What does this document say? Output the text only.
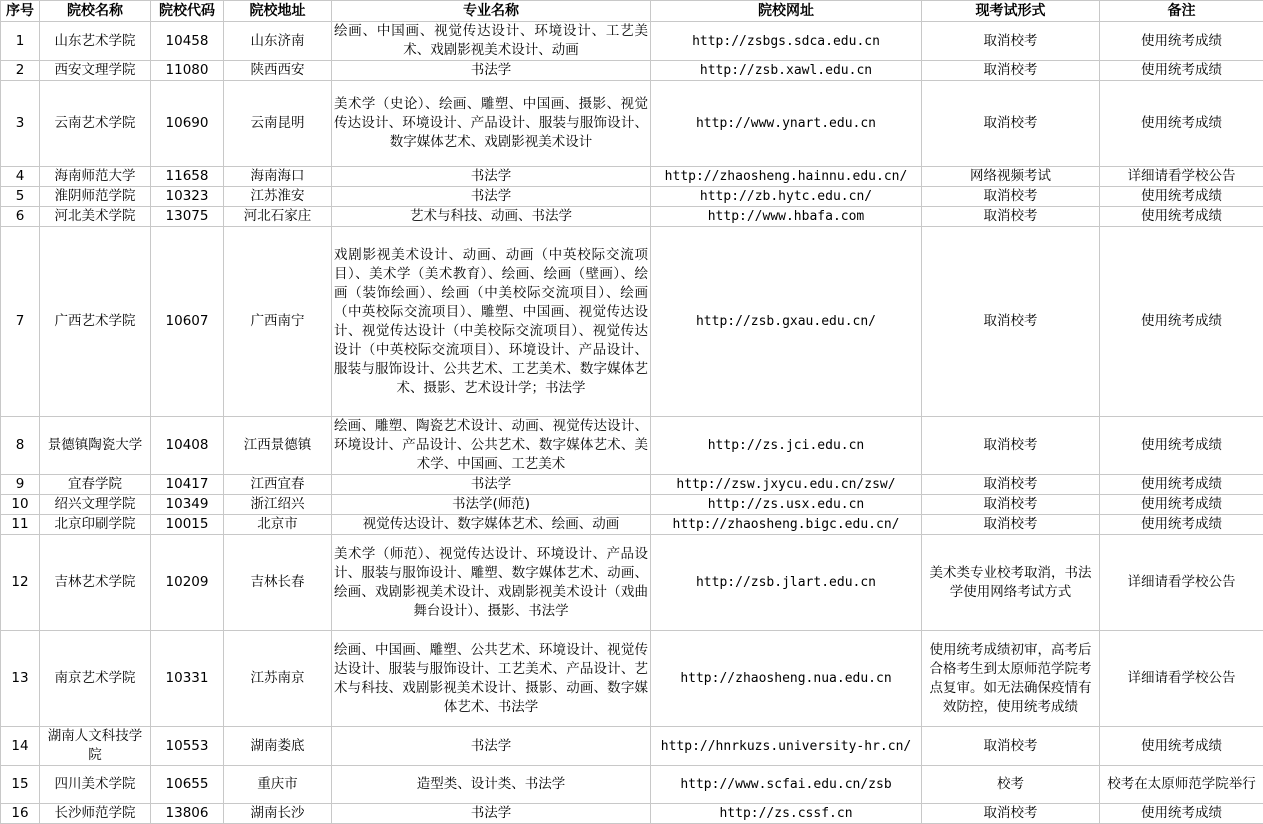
序号	院校名称	院校代码	院校地址	专业名称	院校网址	现考试形式	备注
1	山东艺术学院	10458	山东济南	绘画、中国画、视觉传达设计、环境设计、工艺美术、戏剧影视美术设计、动画	http://zsbgs.sdca.edu.cn	取消校考	使用统考成绩
2	西安文理学院	11080	陕西西安	书法学	http://zsb.xawl.edu.cn	取消校考	使用统考成绩
3	云南艺术学院	10690	云南昆明	美术学（史论）、绘画、雕塑、中国画、摄影、视觉传达设计、环境设计、产品设计、服装与服饰设计、数字媒体艺术、戏剧影视美术设计	http://www.ynart.edu.cn	取消校考	使用统考成绩
4	海南师范大学	11658	海南海口	书法学	http://zhaosheng.hainnu.edu.cn/	网络视频考试	详细请看学校公告
5	淮阴师范学院	10323	江苏淮安	书法学	http://zb.hytc.edu.cn/	取消校考	使用统考成绩
6	河北美术学院	13075	河北石家庄	艺术与科技、动画、书法学	http://www.hbafa.com	取消校考	使用统考成绩
7	广西艺术学院	10607	广西南宁	戏剧影视美术设计、动画、动画（中英校际交流项目）、美术学（美术教育）、绘画、绘画（壁画）、绘画（装饰绘画）、绘画（中美校际交流项目）、绘画（中英校际交流项目）、雕塑、中国画、视觉传达设计、视觉传达设计（中美校际交流项目）、视觉传达设计（中英校际交流项目）、环境设计、产品设计、服装与服饰设计、公共艺术、工艺美术、数字媒体艺术、摄影、艺术设计学；书法学	http://zsb.gxau.edu.cn/	取消校考	使用统考成绩
8	景德镇陶瓷大学	10408	江西景德镇	绘画、雕塑、陶瓷艺术设计、动画、视觉传达设计、环境设计、产品设计、公共艺术、数字媒体艺术、美术学、中国画、工艺美术	http://zs.jci.edu.cn	取消校考	使用统考成绩
9	宜春学院	10417	江西宜春	书法学	http://zsw.jxycu.edu.cn/zsw/	取消校考	使用统考成绩
10	绍兴文理学院	10349	浙江绍兴	书法学(师范)	http://zs.usx.edu.cn	取消校考	使用统考成绩
11	北京印刷学院	10015	北京市	视觉传达设计、数字媒体艺术、绘画、动画	http://zhaosheng.bigc.edu.cn/	取消校考	使用统考成绩
12	吉林艺术学院	10209	吉林长春	美术学（师范）、视觉传达设计、环境设计、产品设计、服装与服饰设计、雕塑、数字媒体艺术、动画、绘画、戏剧影视美术设计、戏剧影视美术设计（戏曲舞台设计）、摄影、书法学	http://zsb.jlart.edu.cn	美术类专业校考取消，书法学使用网络考试方式	详细请看学校公告
13	南京艺术学院	10331	江苏南京	绘画、中国画、雕塑、公共艺术、环境设计、视觉传达设计、服装与服饰设计、工艺美术、产品设计、艺术与科技、戏剧影视美术设计、摄影、动画、数字媒体艺术、书法学	http://zhaosheng.nua.edu.cn	使用统考成绩初审，高考后合格考生到太原师范学院考点复审。如无法确保疫情有效防控，使用统考成绩	详细请看学校公告
14	湖南人文科技学院	10553	湖南娄底	书法学	http://hnrkuzs.university-hr.cn/	取消校考	使用统考成绩
15	四川美术学院	10655	重庆市	造型类、设计类、书法学	http://www.scfai.edu.cn/zsb	校考	校考在太原师范学院举行
16	长沙师范学院	13806	湖南长沙	书法学	http://zs.cssf.cn	取消校考	使用统考成绩
